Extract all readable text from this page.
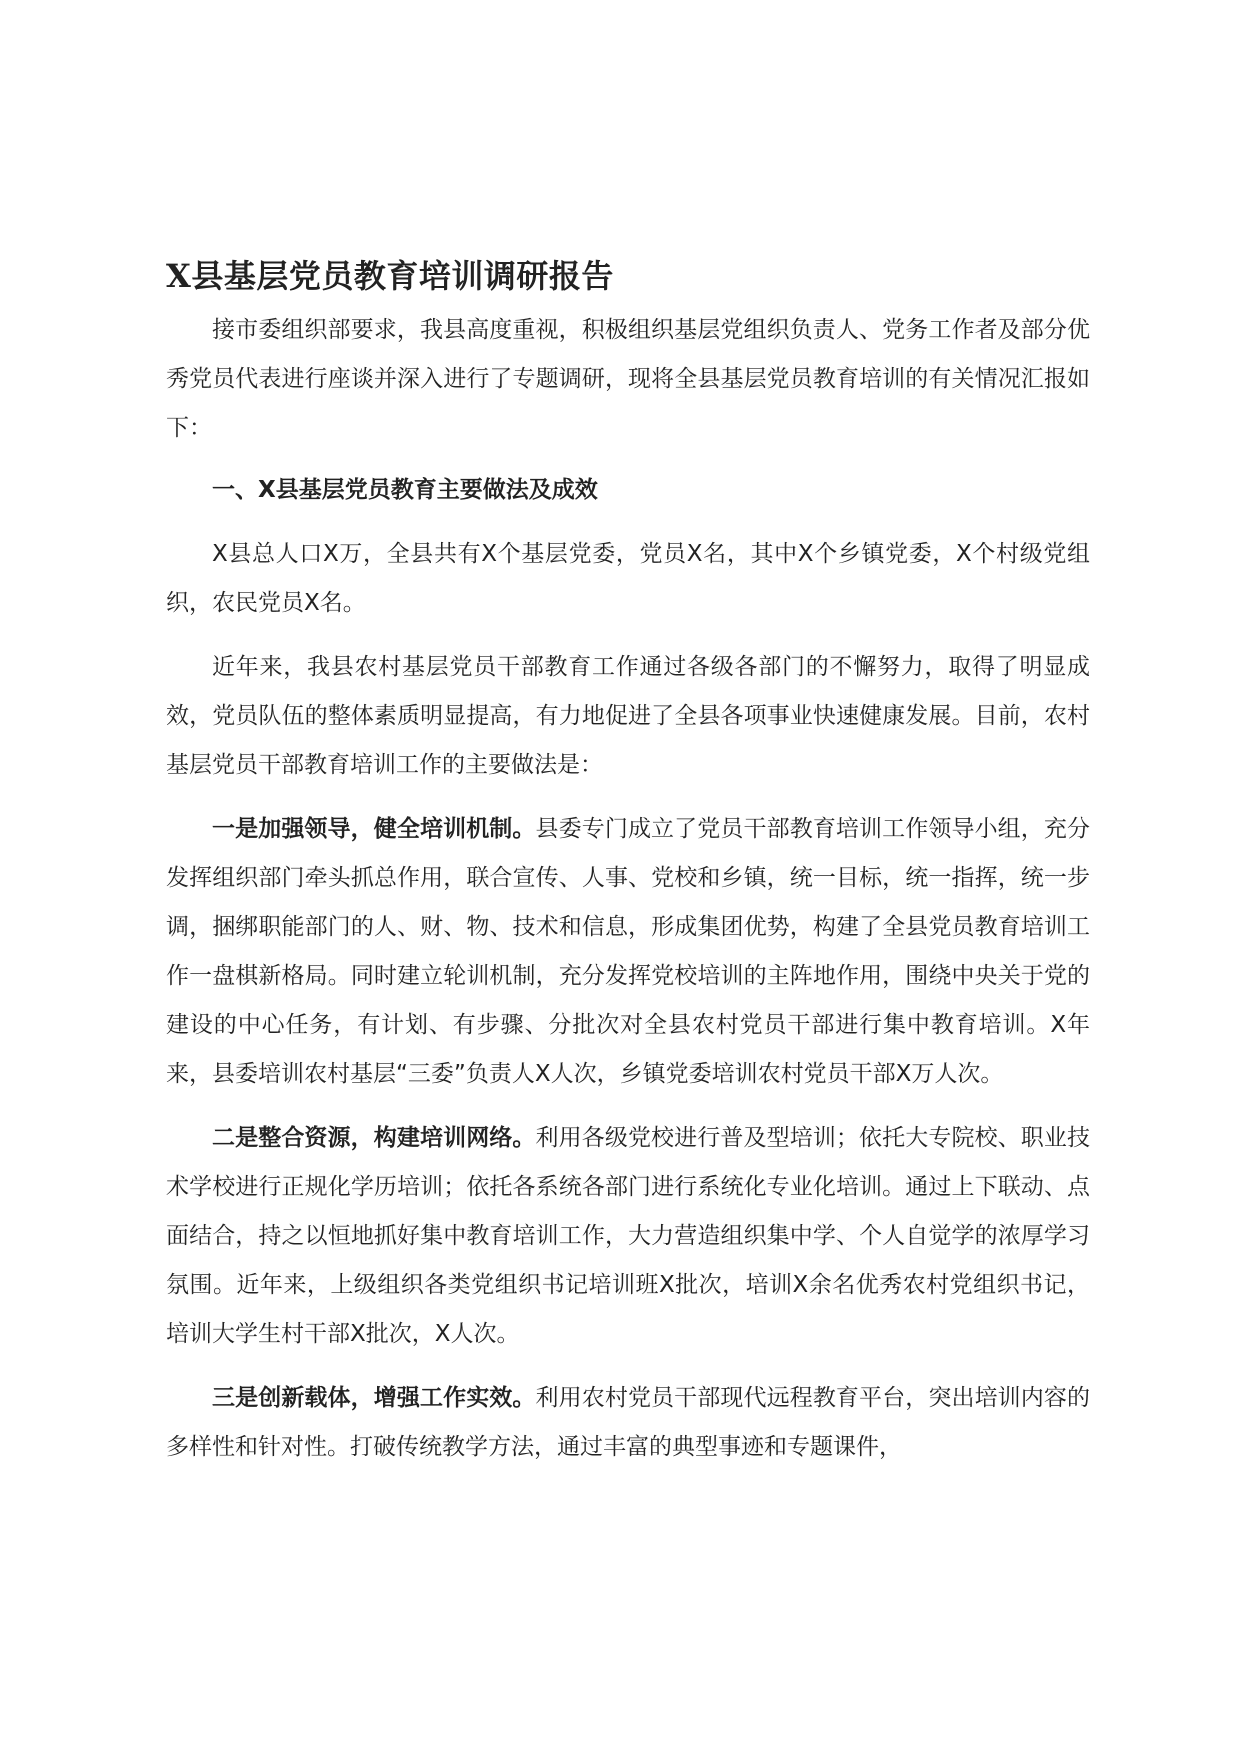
X县基层党员教育培训调研报告

接市委组织部要求，我县高度重视，积极组织基层党组织负责人、党务工作者及部分优秀党员代表进行座谈并深入进行了专题调研，现将全县基层党员教育培训的有关情况汇报如下：

一、X县基层党员教育主要做法及成效

X县总人口X万，全县共有X个基层党委，党员X名，其中X个乡镇党委，X个村级党组织，农民党员X名。

近年来，我县农村基层党员干部教育工作通过各级各部门的不懈努力，取得了明显成效，党员队伍的整体素质明显提高，有力地促进了全县各项事业快速健康发展。目前，农村基层党员干部教育培训工作的主要做法是：

一是加强领导，健全培训机制。县委专门成立了党员干部教育培训工作领导小组，充分发挥组织部门牵头抓总作用，联合宣传、人事、党校和乡镇，统一目标，统一指挥，统一步调，捆绑职能部门的人、财、物、技术和信息，形成集团优势，构建了全县党员教育培训工作一盘棋新格局。同时建立轮训机制，充分发挥党校培训的主阵地作用，围绕中央关于党的建设的中心任务，有计划、有步骤、分批次对全县农村党员干部进行集中教育培训。X年来，县委培训农村基层“三委”负责人X人次，乡镇党委培训农村党员干部X万人次。

二是整合资源，构建培训网络。利用各级党校进行普及型培训；依托大专院校、职业技术学校进行正规化学历培训；依托各系统各部门进行系统化专业化培训。通过上下联动、点面结合，持之以恒地抓好集中教育培训工作，大力营造组织集中学、个人自觉学的浓厚学习氛围。近年来，上级组织各类党组织书记培训班X批次，培训X余名优秀农村党组织书记，培训大学生村干部X批次，X人次。

三是创新载体，增强工作实效。利用农村党员干部现代远程教育平台，突出培训内容的多样性和针对性。打破传统教学方法，通过丰富的典型事迹和专题课件，
